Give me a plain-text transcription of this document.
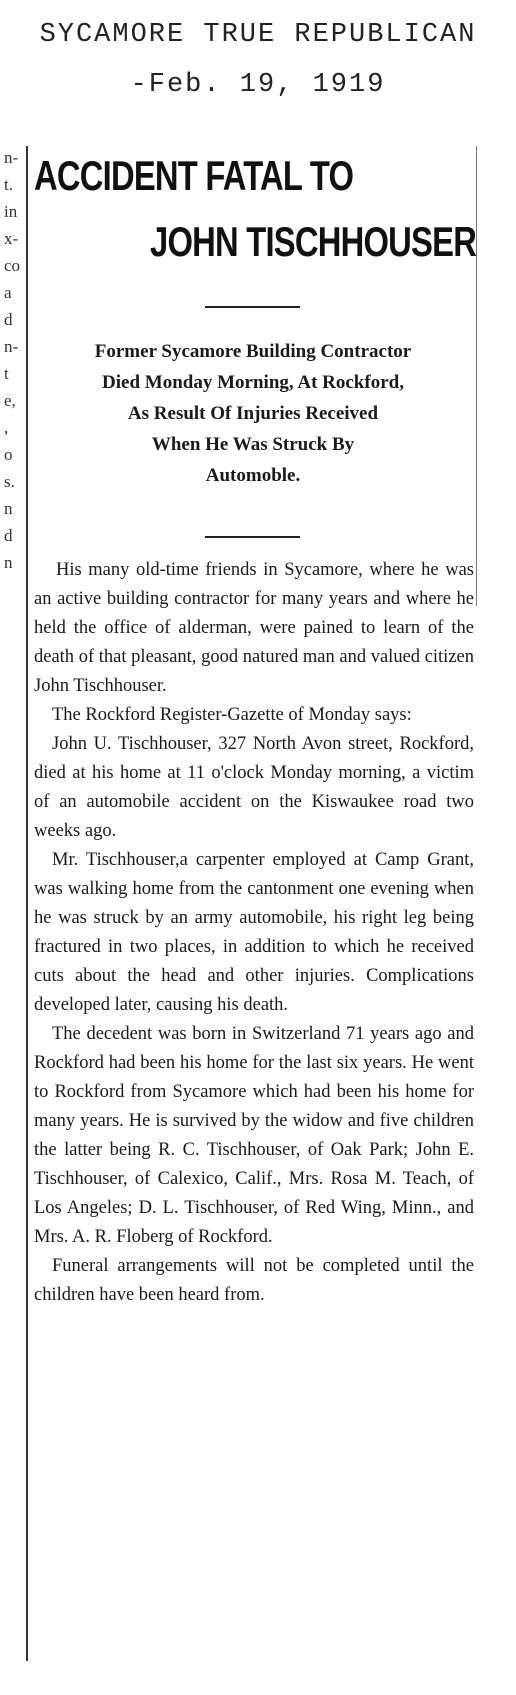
SYCAMORE TRUE REPUBLICAN
-Feb. 19, 1919
n-
t.
in
x-
co
a
d
n-
t
e,
,
o
s.
n
d
n
ACCIDENT FATAL TO
JOHN TISCHHOUSER
Former Sycamore Building Contractor
Died Monday Morning, At Rockford,
As Result Of Injuries Received
When He Was Struck By
Automoble.

His many old-time friends in Sycamore, where he was an active building contractor for many years and where he held the office of alderman, were pained to learn of the death of that pleasant, good natured man and valued citizen John Tischhouser.

The Rockford Register-Gazette of Monday says:

John U. Tischhouser, 327 North Avon street, Rockford, died at his home at 11 o'clock Monday morning, a victim of an automobile accident on the Kiswaukee road two weeks ago.

Mr. Tischhouser,a carpenter employed at Camp Grant, was walking home from the cantonment one evening when he was struck by an army automobile, his right leg being fractured in two places, in addition to which he received cuts about the head and other injuries. Complications developed later, causing his death.

The decedent was born in Switzerland 71 years ago and Rockford had been his home for the last six years. He went to Rockford from Sycamore which had been his home for many years. He is survived by the widow and five children the latter being R. C. Tischhouser, of Oak Park; John E. Tischhouser, of Calexico, Calif., Mrs. Rosa M. Teach, of Los Angeles; D. L. Tischhouser, of Red Wing, Minn., and Mrs. A. R. Floberg of Rockford.

Funeral arrangements will not be completed until the children have been heard from.
